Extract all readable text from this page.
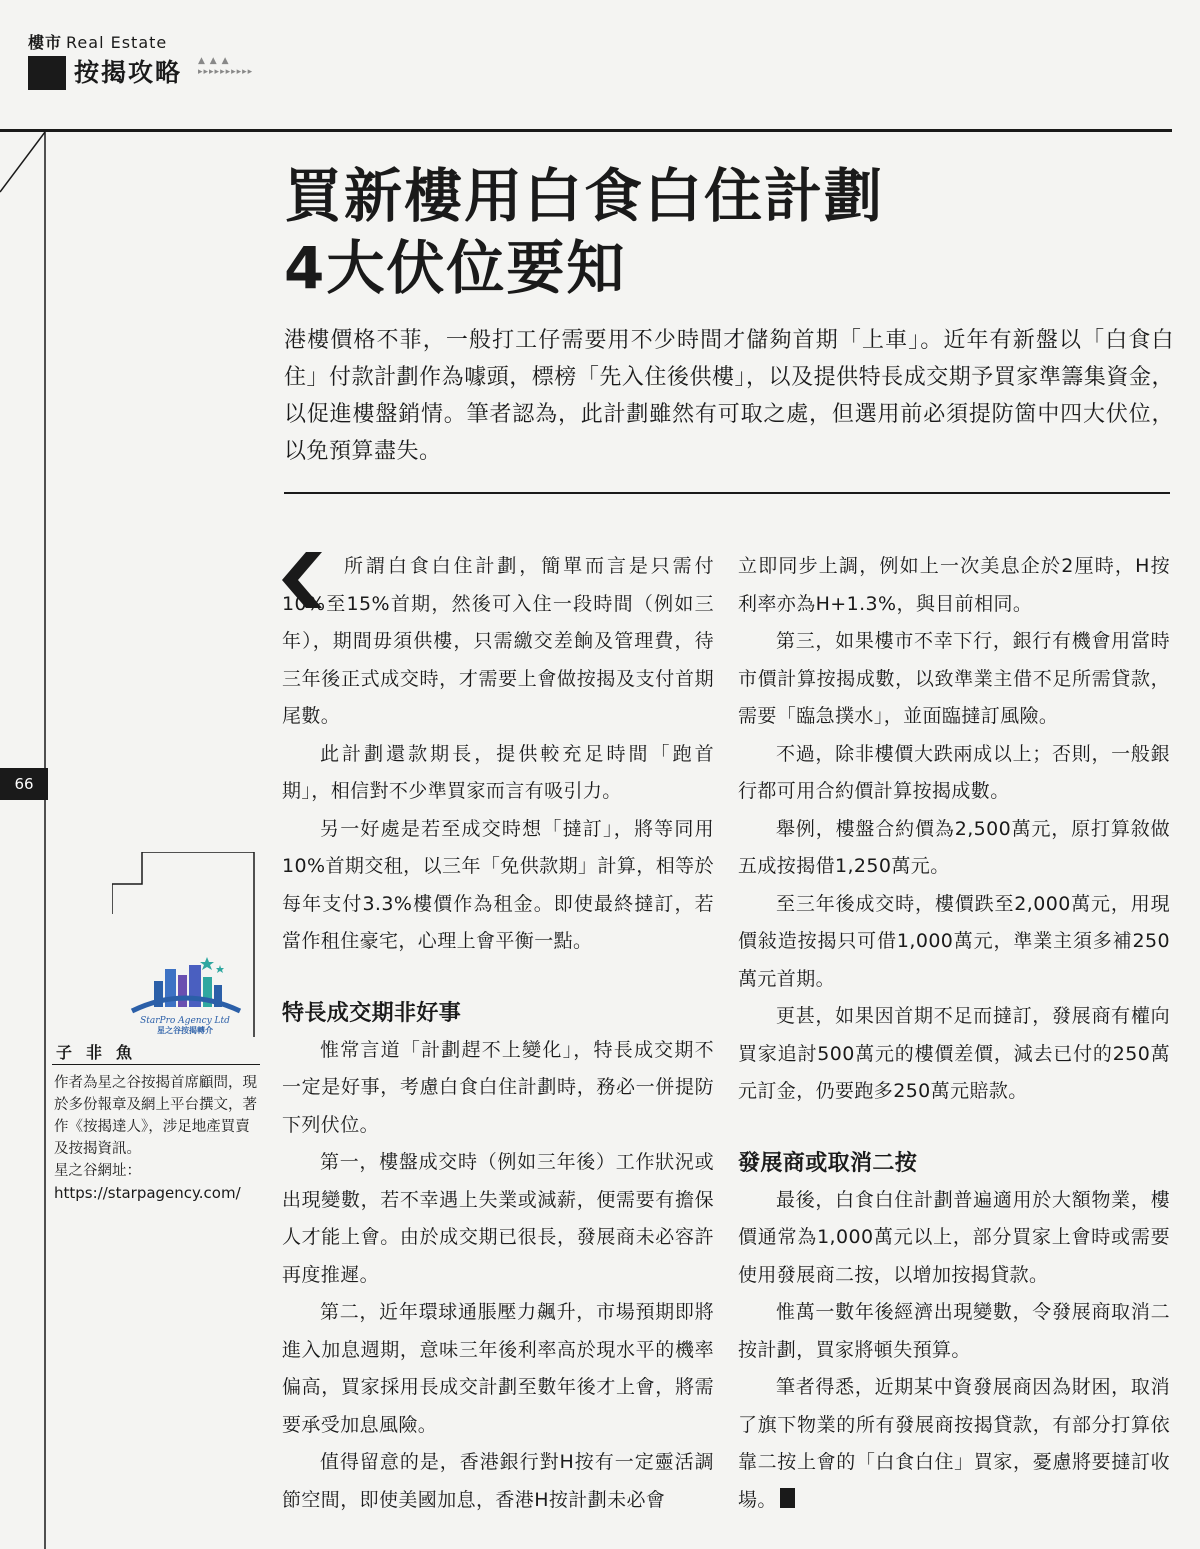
樓市 Real Estate
按揭攻略 ▲ ▲ ▲
▸▸▸▸▸▸▸▸▸▸
66
買新樓用白食白住計劃
4大伏位要知
港樓價格不菲，一般打工仔需要用不少時間才儲夠首期「上車」。近年有新盤以「白食白住」付款計劃作為噱頭，標榜「先入住後供樓」，以及提供特長成交期予買家準籌集資金，以促進樓盤銷情。筆者認為，此計劃雖然有可取之處，但選用前必須提防箇中四大伏位，以免預算盡失。

所謂白食白住計劃，簡單而言是只需付10%至15%首期，然後可入住一段時間（例如三年），期間毋須供樓，只需繳交差餉及管理費，待三年後正式成交時，才需要上會做按揭及支付首期尾數。

此計劃還款期長，提供較充足時間「跑首期」，相信對不少準買家而言有吸引力。

另一好處是若至成交時想「撻訂」，將等同用10%首期交租，以三年「免供款期」計算，相等於每年支付3.3%樓價作為租金。即使最終撻訂，若當作租住豪宅，心理上會平衡一點。

特長成交期非好事

惟常言道「計劃趕不上變化」，特長成交期不一定是好事，考慮白食白住計劃時，務必一併提防下列伏位。

第一，樓盤成交時（例如三年後）工作狀況或出現變數，若不幸遇上失業或減薪，便需要有擔保人才能上會。由於成交期已很長，發展商未必容許再度推遲。

第二，近年環球通脹壓力飆升，市場預期即將進入加息週期，意味三年後利率高於現水平的機率偏高，買家採用長成交計劃至數年後才上會，將需要承受加息風險。

值得留意的是，香港銀行對H按有一定靈活調節空間，即使美國加息，香港H按計劃未必會

立即同步上調，例如上一次美息企於2厘時，H按利率亦為H+1.3%，與目前相同。

第三，如果樓市不幸下行，銀行有機會用當時市價計算按揭成數，以致準業主借不足所需貸款，需要「臨急撲水」，並面臨撻訂風險。

不過，除非樓價大跌兩成以上；否則，一般銀行都可用合約價計算按揭成數。

舉例，樓盤合約價為2,500萬元，原打算敘做五成按揭借1,250萬元。

至三年後成交時，樓價跌至2,000萬元，用現價敍造按揭只可借1,000萬元，準業主須多補250萬元首期。

更甚，如果因首期不足而撻訂，發展商有權向買家追討500萬元的樓價差價，減去已付的250萬元訂金，仍要跑多250萬元賠款。

發展商或取消二按

最後，白食白住計劃普遍適用於大額物業，樓價通常為1,000萬元以上，部分買家上會時或需要使用發展商二按，以增加按揭貸款。

惟萬一數年後經濟出現變數，令發展商取消二按計劃，買家將頓失預算。

筆者得悉，近期某中資發展商因為財困，取消了旗下物業的所有發展商按揭貸款，有部分打算依靠二按上會的「白食白住」買家，憂慮將要撻訂收場。

StarPro Agency Ltd
星之谷按揭轉介
子非魚
作者為星之谷按揭首席顧問，現於多份報章及網上平台撰文，著作《按揭達人》，涉足地產買賣及按揭資訊。
星之谷網址：
https://starpagency.com/
